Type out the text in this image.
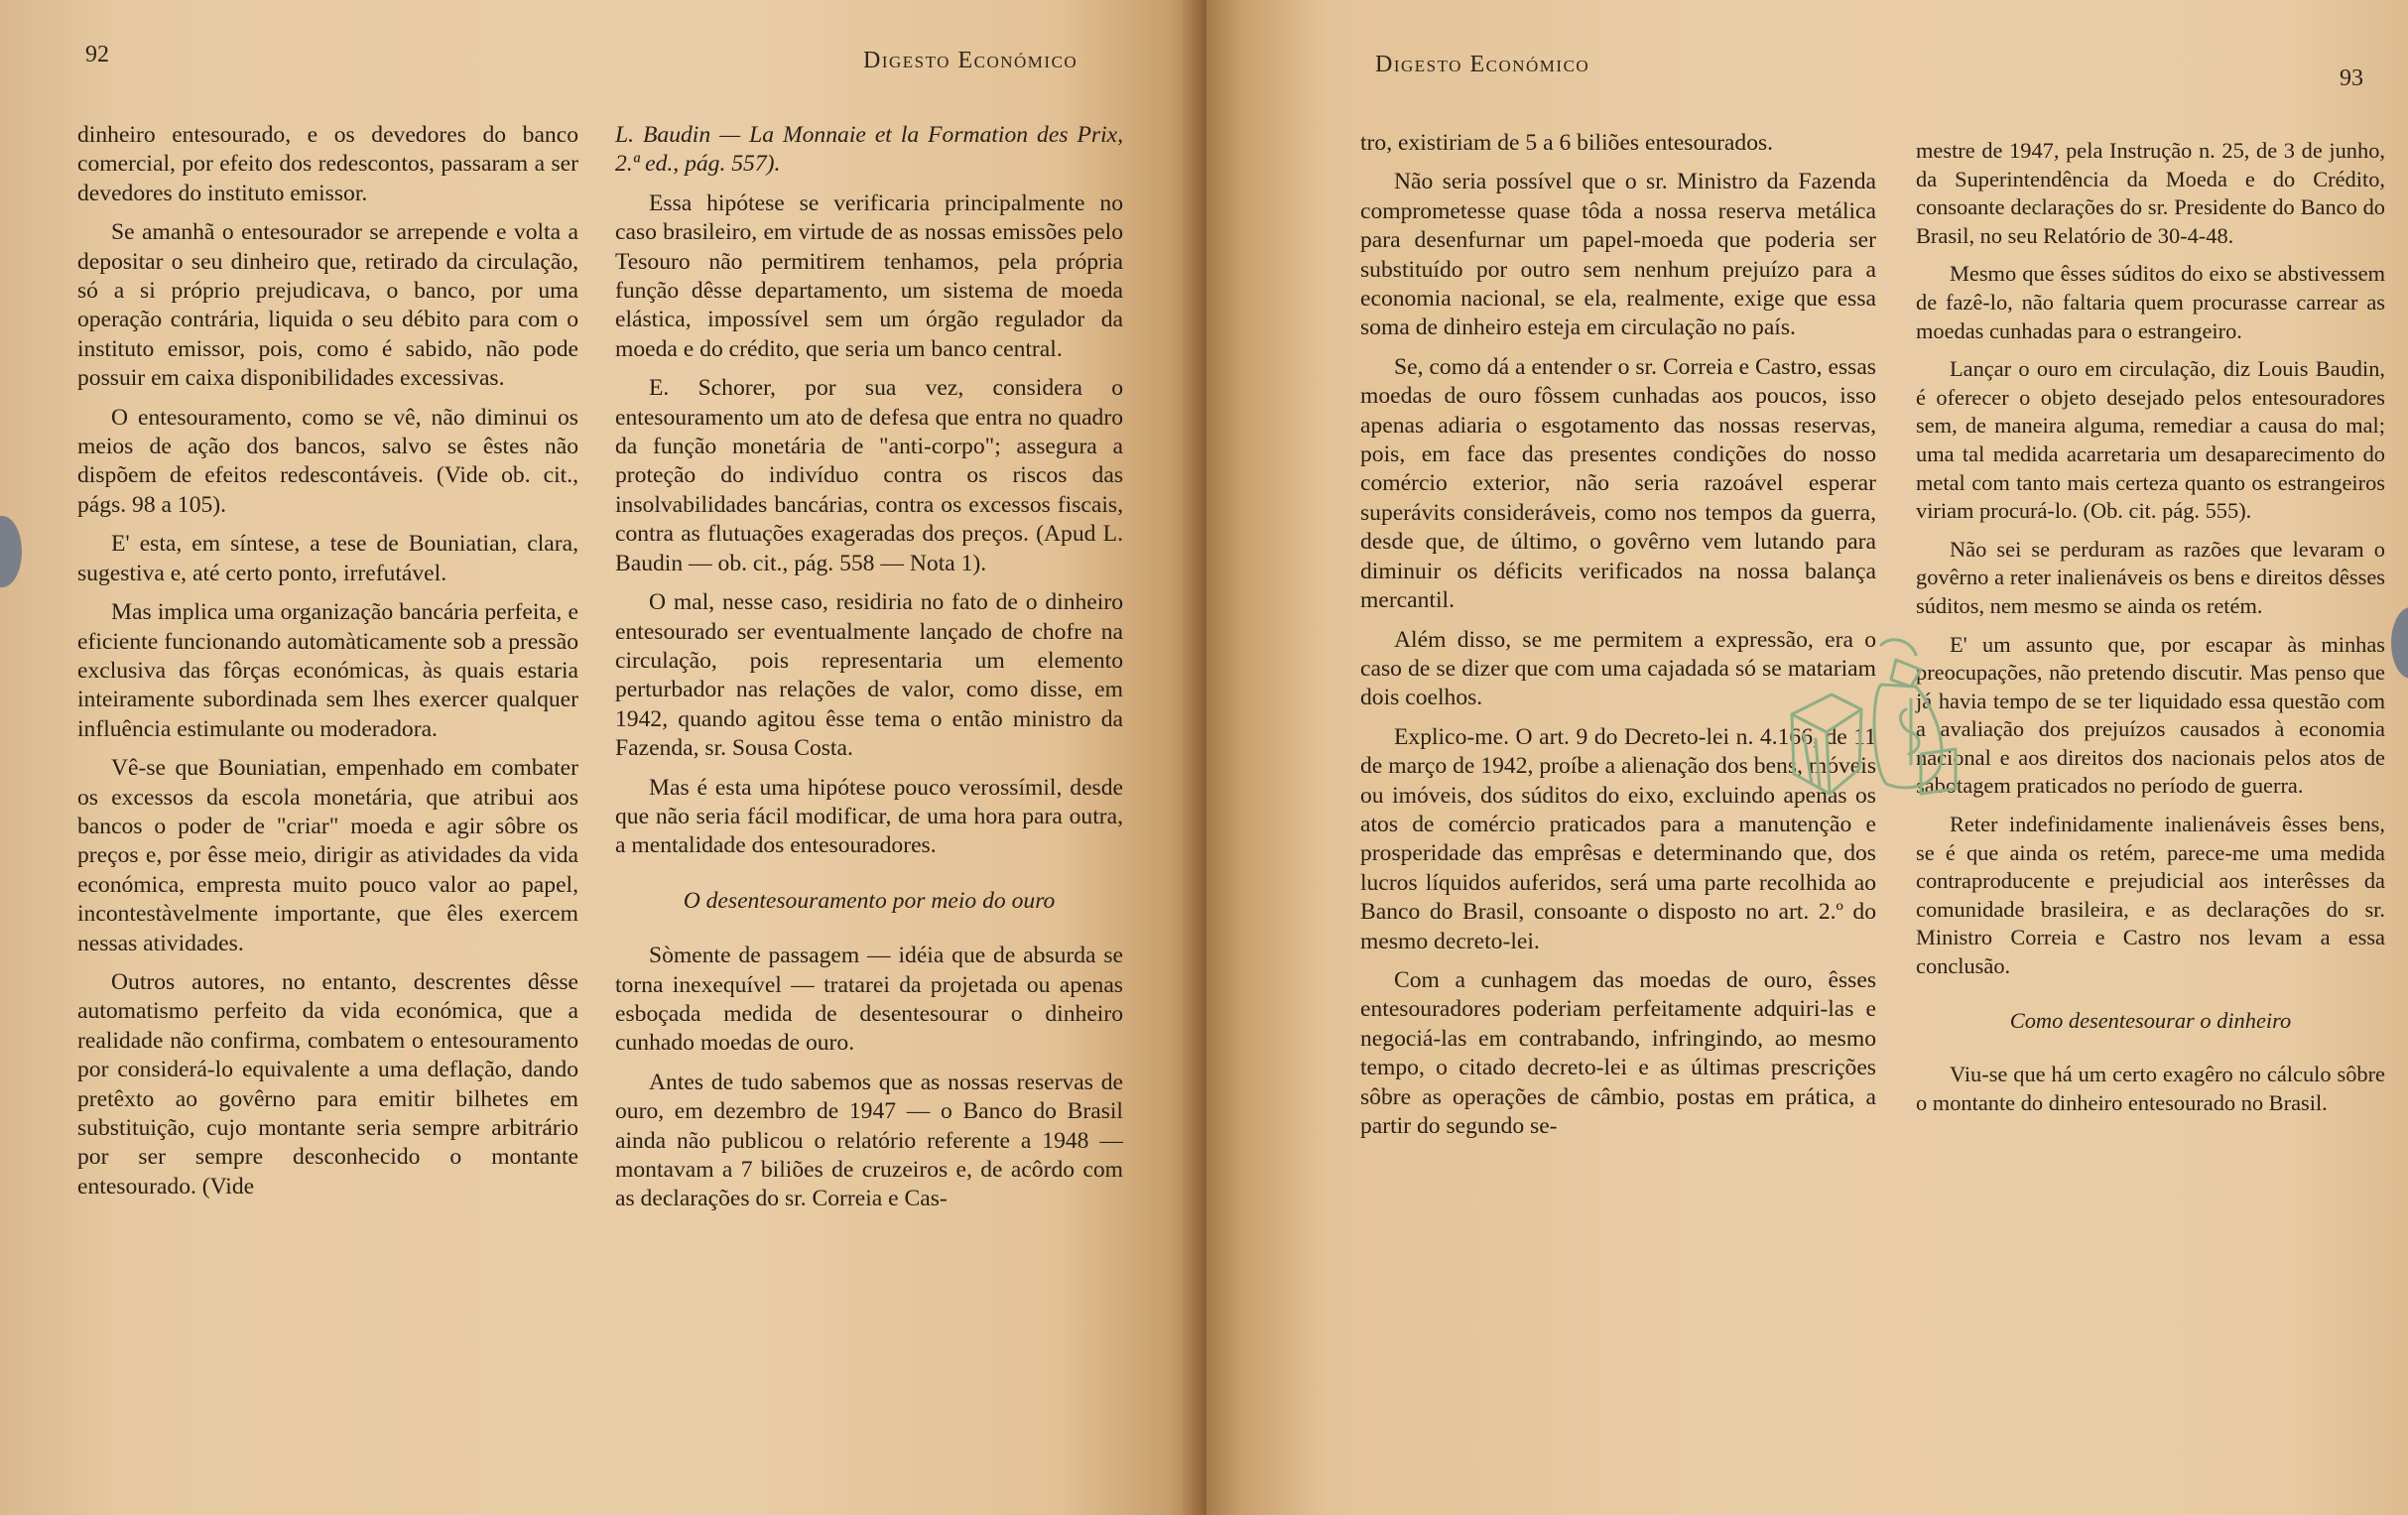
Digesto Económico
92

dinheiro entesourado, e os devedores do banco comercial, por efeito dos redescontos, passaram a ser devedores do instituto emissor.

Se amanhã o entesourador se arrepende e volta a depositar o seu dinheiro que, retirado da circulação, só a si próprio prejudicava, o banco, por uma operação contrária, liquida o seu débito para com o instituto emissor, pois, como é sabido, não pode possuir em caixa disponibilidades excessivas.

O entesouramento, como se vê, não diminui os meios de ação dos bancos, salvo se êstes não dispõem de efeitos redescontáveis. (Vide ob. cit., págs. 98 a 105).

E' esta, em síntese, a tese de Bouniatian, clara, sugestiva e, até certo ponto, irrefutável.

Mas implica uma organização bancária perfeita, e eficiente funcionando automàticamente sob a pressão exclusiva das fôrças económicas, às quais estaria inteiramente subordinada sem lhes exercer qualquer influência estimulante ou moderadora.

Vê-se que Bouniatian, empenhado em combater os excessos da escola monetária, que atribui aos bancos o poder de "criar" moeda e agir sôbre os preços e, por êsse meio, dirigir as atividades da vida económica, empresta muito pouco valor ao papel, incontestàvelmente importante, que êles exercem nessas atividades.

Outros autores, no entanto, descrentes dêsse automatismo perfeito da vida económica, que a realidade não confirma, combatem o entesouramento por considerá-lo equivalente a uma deflação, dando pretêxto ao govêrno para emitir bilhetes em substituição, cujo montante seria sempre arbitrário por ser sempre desconhecido o montante entesourado. (Vide

L. Baudin — La Monnaie et la Formation des Prix, 2.ª ed., pág. 557).

Essa hipótese se verificaria principalmente no caso brasileiro, em virtude de as nossas emissões pelo Tesouro não permitirem tenhamos, pela própria função dêsse departamento, um sistema de moeda elástica, impossível sem um órgão regulador da moeda e do crédito, que seria um banco central.

E. Schorer, por sua vez, considera o entesouramento um ato de defesa que entra no quadro da função monetária de "anti-corpo"; assegura a proteção do indivíduo contra os riscos das insolvabilidades bancárias, contra os excessos fiscais, contra as flutuações exageradas dos preços. (Apud L. Baudin — ob. cit., pág. 558 — Nota 1).

O mal, nesse caso, residiria no fato de o dinheiro entesourado ser eventualmente lançado de chofre na circulação, pois representaria um elemento perturbador nas relações de valor, como disse, em 1942, quando agitou êsse tema o então ministro da Fazenda, sr. Sousa Costa.

Mas é esta uma hipótese pouco verossímil, desde que não seria fácil modificar, de uma hora para outra, a mentalidade dos entesouradores.

O desentesouramento por meio do ouro

Sòmente de passagem — idéia que de absurda se torna inexequível — tratarei da projetada ou apenas esboçada medida de desentesourar o dinheiro cunhado moedas de ouro.

Antes de tudo sabemos que as nossas reservas de ouro, em dezembro de 1947 — o Banco do Brasil ainda não publicou o relatório referente a 1948 — montavam a 7 biliões de cruzeiros e, de acôrdo com as declarações do sr. Correia e Cas-

Digesto Económico
93

tro, existiriam de 5 a 6 biliões entesourados.

Não seria possível que o sr. Ministro da Fazenda comprometesse quase tôda a nossa reserva metálica para desenfurnar um papel-moeda que poderia ser substituído por outro sem nenhum prejuízo para a economia nacional, se ela, realmente, exige que essa soma de dinheiro esteja em circulação no país.

Se, como dá a entender o sr. Correia e Castro, essas moedas de ouro fôssem cunhadas aos poucos, isso apenas adiaria o esgotamento das nossas reservas, pois, em face das presentes condições do nosso comércio exterior, não seria razoável esperar superávits consideráveis, como nos tempos da guerra, desde que, de último, o govêrno vem lutando para diminuir os déficits verificados na nossa balança mercantil.

Além disso, se me permitem a expressão, era o caso de se dizer que com uma cajadada só se matariam dois coelhos.

Explico-me. O art. 9 do Decreto-lei n. 4.166, de 11 de março de 1942, proíbe a alienação dos bens, móveis ou imóveis, dos súditos do eixo, excluindo apenas os atos de comércio praticados para a manutenção e prosperidade das emprêsas e determinando que, dos lucros líquidos auferidos, será uma parte recolhida ao Banco do Brasil, consoante o disposto no art. 2.º do mesmo decreto-lei.

Com a cunhagem das moedas de ouro, êsses entesouradores poderiam perfeitamente adquiri-las e negociá-las em contrabando, infringindo, ao mesmo tempo, o citado decreto-lei e as últimas prescrições sôbre as operações de câmbio, postas em prática, a partir do segundo se-

mestre de 1947, pela Instrução n. 25, de 3 de junho, da Superintendência da Moeda e do Crédito, consoante declarações do sr. Presidente do Banco do Brasil, no seu Relatório de 30-4-48.

Mesmo que êsses súditos do eixo se abstivessem de fazê-lo, não faltaria quem procurasse carrear as moedas cunhadas para o estrangeiro.

Lançar o ouro em circulação, diz Louis Baudin, é oferecer o objeto desejado pelos entesouradores sem, de maneira alguma, remediar a causa do mal; uma tal medida acarretaria um desaparecimento do metal com tanto mais certeza quanto os estrangeiros viriam procurá-lo. (Ob. cit. pág. 555).

Não sei se perduram as razões que levaram o govêrno a reter inalienáveis os bens e direitos dêsses súditos, nem mesmo se ainda os retém.

E' um assunto que, por escapar às minhas preocupações, não pretendo discutir. Mas penso que já havia tempo de se ter liquidado essa questão com a avaliação dos prejuízos causados à economia nacional e aos direitos dos nacionais pelos atos de sabotagem praticados no período de guerra.

Reter indefinidamente inalienáveis êsses bens, se é que ainda os retém, parece-me uma medida contraproducente e prejudicial aos interêsses da comunidade brasileira, e as declarações do sr. Ministro Correia e Castro nos levam a essa conclusão.

Como desentesourar o dinheiro

Viu-se que há um certo exagêro no cálculo sôbre o montante do dinheiro entesourado no Brasil.
